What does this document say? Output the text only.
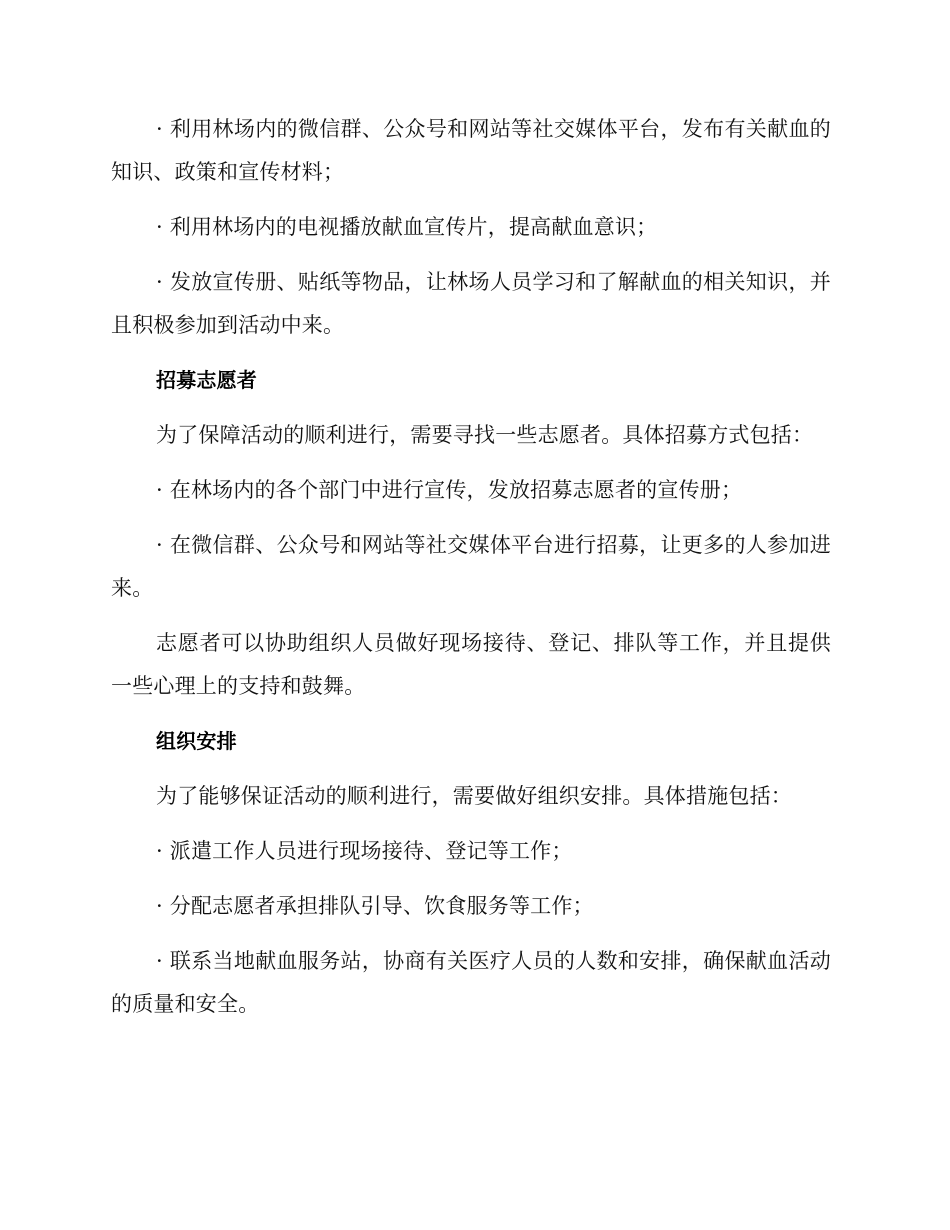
· 利用林场内的微信群、公众号和网站等社交媒体平台，发布有关献血的知识、政策和宣传材料；

· 利用林场内的电视播放献血宣传片，提高献血意识；

· 发放宣传册、贴纸等物品，让林场人员学习和了解献血的相关知识，并且积极参加到活动中来。

招募志愿者

为了保障活动的顺利进行，需要寻找一些志愿者。具体招募方式包括：

· 在林场内的各个部门中进行宣传，发放招募志愿者的宣传册；

· 在微信群、公众号和网站等社交媒体平台进行招募，让更多的人参加进来。

志愿者可以协助组织人员做好现场接待、登记、排队等工作，并且提供一些心理上的支持和鼓舞。

组织安排

为了能够保证活动的顺利进行，需要做好组织安排。具体措施包括：

· 派遣工作人员进行现场接待、登记等工作；

· 分配志愿者承担排队引导、饮食服务等工作；

· 联系当地献血服务站，协商有关医疗人员的人数和安排，确保献血活动的质量和安全。
